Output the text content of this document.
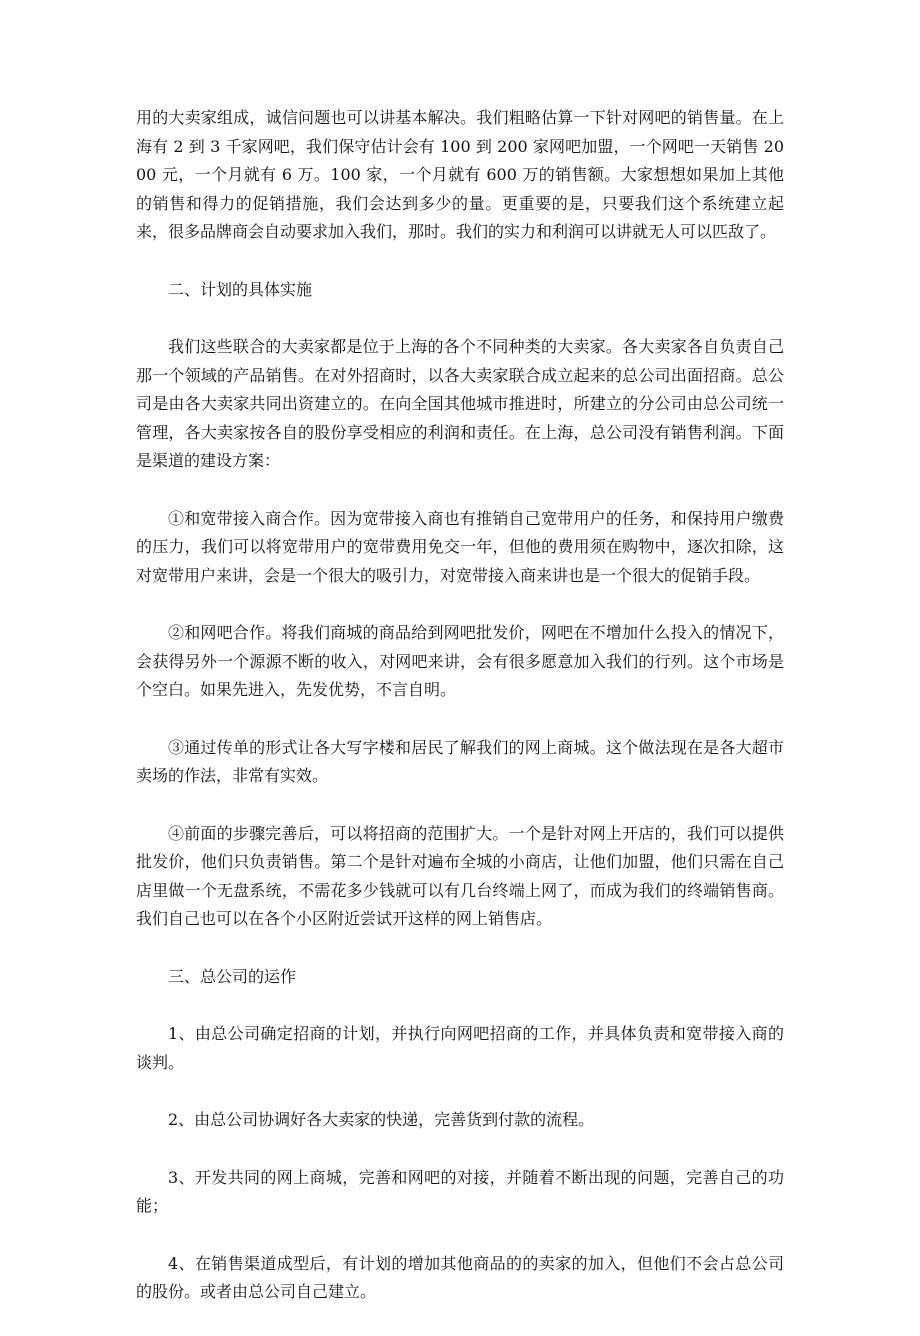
用的大卖家组成，诚信问题也可以讲基本解决。我们粗略估算一下针对网吧的销售量。在上海有 2 到 3 千家网吧，我们保守估计会有 100 到 200 家网吧加盟，一个网吧一天销售 2000 元，一个月就有 6 万。100 家，一个月就有 600 万的销售额。大家想想如果加上其他的销售和得力的促销措施，我们会达到多少的量。更重要的是，只要我们这个系统建立起来，很多品牌商会自动要求加入我们，那时。我们的实力和利润可以讲就无人可以匹敌了。

二、计划的具体实施

我们这些联合的大卖家都是位于上海的各个不同种类的大卖家。各大卖家各自负责自己那一个领域的产品销售。在对外招商时，以各大卖家联合成立起来的总公司出面招商。总公司是由各大卖家共同出资建立的。在向全国其他城市推进时，所建立的分公司由总公司统一管理，各大卖家按各自的股份享受相应的利润和责任。在上海，总公司没有销售利润。下面是渠道的建设方案：

①和宽带接入商合作。因为宽带接入商也有推销自己宽带用户的任务，和保持用户缴费的压力，我们可以将宽带用户的宽带费用免交一年，但他的费用须在购物中，逐次扣除，这对宽带用户来讲，会是一个很大的吸引力，对宽带接入商来讲也是一个很大的促销手段。

②和网吧合作。将我们商城的商品给到网吧批发价，网吧在不增加什么投入的情况下，会获得另外一个源源不断的收入，对网吧来讲，会有很多愿意加入我们的行列。这个市场是个空白。如果先进入，先发优势，不言自明。

③通过传单的形式让各大写字楼和居民了解我们的网上商城。这个做法现在是各大超市卖场的作法，非常有实效。

④前面的步骤完善后，可以将招商的范围扩大。一个是针对网上开店的，我们可以提供批发价，他们只负责销售。第二个是针对遍布全城的小商店，让他们加盟，他们只需在自己店里做一个无盘系统，不需花多少钱就可以有几台终端上网了，而成为我们的终端销售商。我们自己也可以在各个小区附近尝试开这样的网上销售店。

三、总公司的运作

1、由总公司确定招商的计划，并执行向网吧招商的工作，并具体负责和宽带接入商的谈判。

2、由总公司协调好各大卖家的快递，完善货到付款的流程。

3、开发共同的网上商城，完善和网吧的对接，并随着不断出现的问题，完善自己的功能；

4、在销售渠道成型后，有计划的增加其他商品的的卖家的加入，但他们不会占总公司的股份。或者由总公司自己建立。
